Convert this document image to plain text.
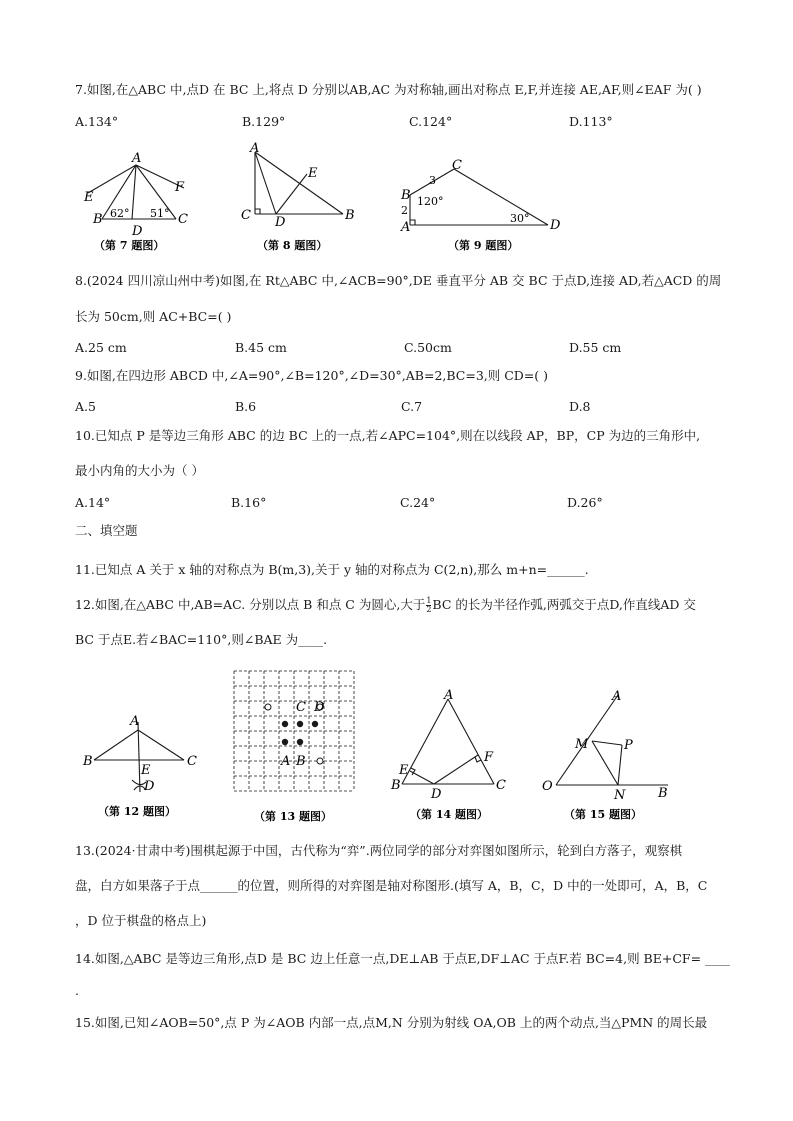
7.如图,在△ABC 中,点D 在 BC 上,将点 D 分别以AB,AC 为对称轴,画出对称点 E,F,并连接 AE,AF,则∠EAF 为( )
A.134°	B.129°	C.124°	D.113°
A
E
F
B	C
D
62° 51°
（第 7 题图）
A
E
C D	B
（第 8 题图）
C
B
A	D
3
2
120°
30°
（第 9 题图）
8.(2024 四川凉山州中考)如图,在 Rt△ABC 中,∠ACB=90°,DE 垂直平分 AB 交 BC 于点D,连接 AD,若△ACD 的周
长为 50cm,则 AC+BC=( )
A.25 cm	B.45 cm	C.50cm	D.55 cm
9.如图,在四边形 ABCD 中,∠A=90°,∠B=120°,∠D=30°,AB=2,BC=3,则 CD=( )
A.5	B.6	C.7	D.8
10.已知点 P 是等边三角形 ABC 的边 BC 上的一点,若∠APC=104°,则在以线段 AP，BP，CP 为边的三角形中,
最小内角的大小为（ ）
A.14°	B.16°	C.24°	D.26°
二、填空题
11.已知点 A 关于 x 轴的对称点为 B(m,3),关于 y 轴的对称点为 C(2,n),那么 m+n=______.
12.如图,在△ABC 中,AB=AC. 分别以点 B 和点 C 为圆心,大于 $\frac{1}{2}$ BC 的长为半径作弧,两弧交于点D,作直线AD 交
BC 于点E.若∠BAC=110°,则∠BAE 为____.
A
B	C
E
D
（第 12 题图）
C D
A B
（第 13 题图）
A
E
F
B
D
C
（第 14 题图）
A
M	P
O
N	B
（第 15 题图）
13.(2024·甘肃中考)围棋起源于中国，古代称为“弈”.两位同学的部分对弈图如图所示，轮到白方落子，观察棋
盘，白方如果落子于点______的位置，则所得的对弈图是轴对称图形.(填写 A，B，C，D 中的一处即可，A，B，C
，D 位于棋盘的格点上)
14.如图,△ABC 是等边三角形,点D 是 BC 边上任意一点,DE⊥AB 于点E,DF⊥AC 于点F.若 BC=4,则 BE+CF= ____
.
15.如图,已知∠AOB=50°,点 P 为∠AOB 内部一点,点M,N 分别为射线 OA,OB 上的两个动点,当△PMN 的周长最
